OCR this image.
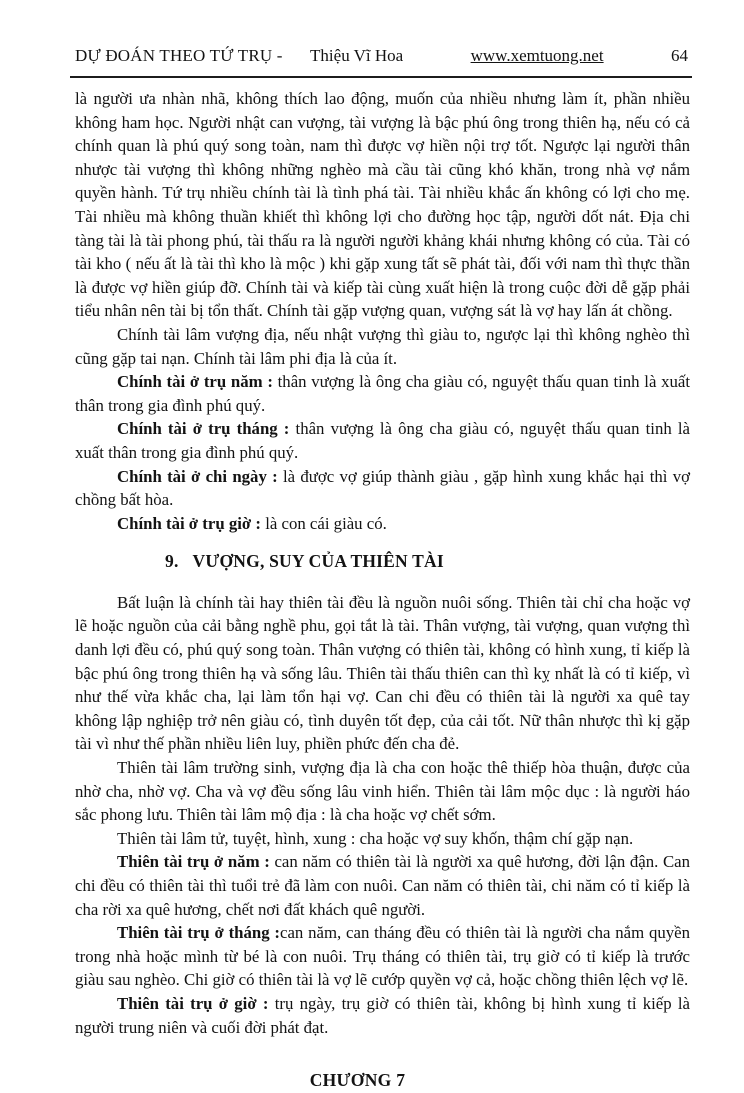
DỰ ĐOÁN THEO TỨ TRỤ - Thiệu Vĩ Hoa	www.xemtuong.net	64

là người ưa nhàn nhã, không thích lao động, muốn của nhiều nhưng làm ít, phần nhiều không ham học. Người nhật can vượng, tài vượng là bậc phú ông trong thiên hạ, nếu có cả chính quan là phú quý song toàn, nam thì được vợ hiền nội trợ tốt. Ngược lại người thân nhược tài vượng thì không những nghèo mà cầu tài cũng khó khăn, trong nhà vợ nắm quyền hành. Tứ trụ nhiều chính tài là tình phá tài. Tài nhiều khắc ấn không có lợi cho mẹ. Tài nhiều mà không thuần khiết thì không lợi cho đường học tập, người dốt nát. Địa chi tàng tài là tài phong phú, tài thấu ra là người người khảng khái nhưng không có của. Tài có tài kho ( nếu ất là tài thì kho là mộc ) khi gặp xung tất sẽ phát tài, đối với nam thì thực thần là được vợ hiền giúp đỡ. Chính tài và kiếp tài cùng xuất hiện là trong cuộc đời dễ gặp phải tiểu nhân nên tài bị tổn thất. Chính tài gặp vượng quan, vượng sát là vợ hay lấn át chồng.

Chính tài lâm vượng địa, nếu nhật vượng thì giàu to, ngược lại thì không nghèo thì cũng gặp tai nạn. Chính tài lâm phi địa là của ít.

Chính tài ở trụ năm : thân vượng là ông cha giàu có, nguyệt thấu quan tinh là xuất thân trong gia đình phú quý.

Chính tài ở trụ tháng : thân vượng là ông cha giàu có, nguyệt thấu quan tinh là xuất thân trong gia đình phú quý.

Chính tài ở chi ngày : là được vợ giúp thành giàu , gặp hình xung khắc hại thì vợ chồng bất hòa.

Chính tài ở trụ giờ : là con cái giàu có.

9. VƯỢNG, SUY CỦA THIÊN TÀI

Bất luận là chính tài hay thiên tài đều là nguồn nuôi sống. Thiên tài chỉ cha hoặc vợ lẽ hoặc nguồn của cải bằng nghề phu, gọi tắt là tài. Thân vượng, tài vượng, quan vượng thì danh lợi đều có, phú quý song toàn. Thân vượng có thiên tài, không có hình xung, tỉ kiếp là bậc phú ông trong thiên hạ và sống lâu. Thiên tài thấu thiên can thì kỵ nhất là có tỉ kiếp, vì như thế vừa khắc cha, lại làm tổn hại vợ. Can chi đều có thiên tài là người xa quê tay không lập nghiệp trở nên giàu có, tình duyên tốt đẹp, của cải tốt. Nữ thân nhược thì kị gặp tài vì như thế phần nhiều liên luy, phiền phức đến cha đẻ.

Thiên tài lâm trường sinh, vượng địa là cha con hoặc thê thiếp hòa thuận, được của nhờ cha, nhờ vợ. Cha và vợ đều sống lâu vinh hiển. Thiên tài lâm mộc dục : là người háo sắc phong lưu. Thiên tài lâm mộ địa : là cha hoặc vợ chết sớm.

Thiên tài lâm tử, tuyệt, hình, xung : cha hoặc vợ suy khốn, thậm chí gặp nạn.

Thiên tài trụ ở năm : can năm có thiên tài là người xa quê hương, đời lận đận. Can chi đều có thiên tài thì tuổi trẻ đã làm con nuôi. Can năm có thiên tài, chi năm có tỉ kiếp là cha rời xa quê hương, chết nơi đất khách quê người.

Thiên tài trụ ở tháng :can năm, can tháng đều có thiên tài là người cha nắm quyền trong nhà hoặc mình từ bé là con nuôi. Trụ tháng có thiên tài, trụ giờ có tỉ kiếp là trước giàu sau nghèo. Chi giờ có thiên tài là vợ lẽ cướp quyền vợ cả, hoặc chồng thiên lệch vợ lẽ.

Thiên tài trụ ở giờ : trụ ngày, trụ giờ có thiên tài, không bị hình xung tỉ kiếp là người trung niên và cuối đời phát đạt.

CHƯƠNG 7
